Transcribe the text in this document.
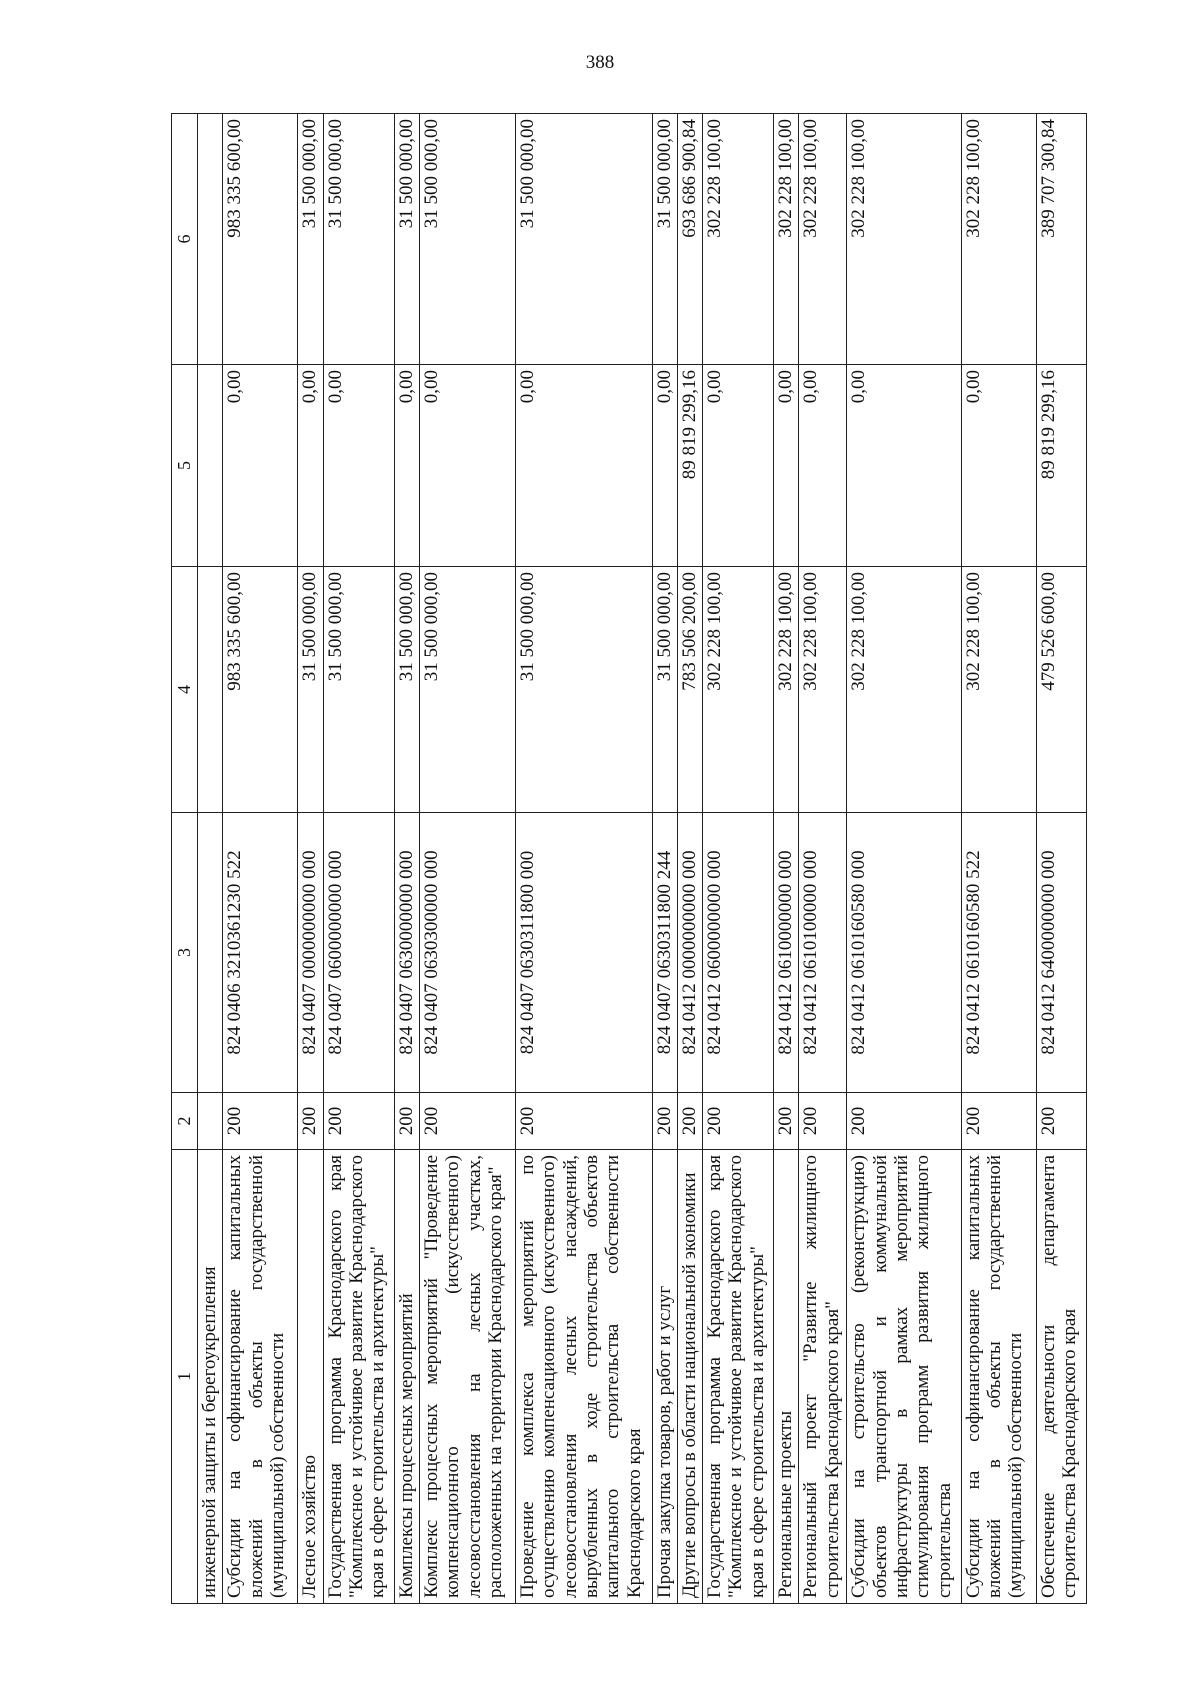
388
1	2	3	4	5	6
инженерной защиты и берегоукрепления					
Субсидии на софинансирование капитальных вложений в объекты государственной (муниципальной) собственности	200	824 0406 3210361230 522	983 335 600,00	0,00	983 335 600,00
Лесное хозяйство	200	824 0407 0000000000 000	31 500 000,00	0,00	31 500 000,00
Государственная программа Краснодарского края "Комплексное и устойчивое развитие Краснодарского края в сфере строительства и архитектуры"	200	824 0407 0600000000 000	31 500 000,00	0,00	31 500 000,00
Комплексы процессных мероприятий	200	824 0407 0630000000 000	31 500 000,00	0,00	31 500 000,00
Комплекс процессных мероприятий "Проведение компенсационного (искусственного) лесовосстановления на лесных участках, расположенных на территории Краснодарского края"	200	824 0407 0630300000 000	31 500 000,00	0,00	31 500 000,00
Проведение комплекса мероприятий по осуществлению компенсационного (искусственного) лесовосстановления лесных насаждений, вырубленных в ходе строительства объектов капитального строительства собственности Краснодарского края	200	824 0407 0630311800 000	31 500 000,00	0,00	31 500 000,00
Прочая закупка товаров, работ и услуг	200	824 0407 0630311800 244	31 500 000,00	0,00	31 500 000,00
Другие вопросы в области национальной экономики	200	824 0412 0000000000 000	783 506 200,00	89 819 299,16	693 686 900,84
Государственная программа Краснодарского края "Комплексное и устойчивое развитие Краснодарского края в сфере строительства и архитектуры"	200	824 0412 0600000000 000	302 228 100,00	0,00	302 228 100,00
Региональные проекты	200	824 0412 0610000000 000	302 228 100,00	0,00	302 228 100,00
Региональный проект "Развитие жилищного строительства Краснодарского края"	200	824 0412 0610100000 000	302 228 100,00	0,00	302 228 100,00
Субсидии на строительство (реконструкцию) объектов транспортной и коммунальной инфраструктуры в рамках мероприятий стимулирования программ развития жилищного строительства	200	824 0412 0610160580 000	302 228 100,00	0,00	302 228 100,00
Субсидии на софинансирование капитальных вложений в объекты государственной (муниципальной) собственности	200	824 0412 0610160580 522	302 228 100,00	0,00	302 228 100,00
Обеспечение деятельности департамента строительства Краснодарского края	200	824 0412 6400000000 000	479 526 600,00	89 819 299,16	389 707 300,84
